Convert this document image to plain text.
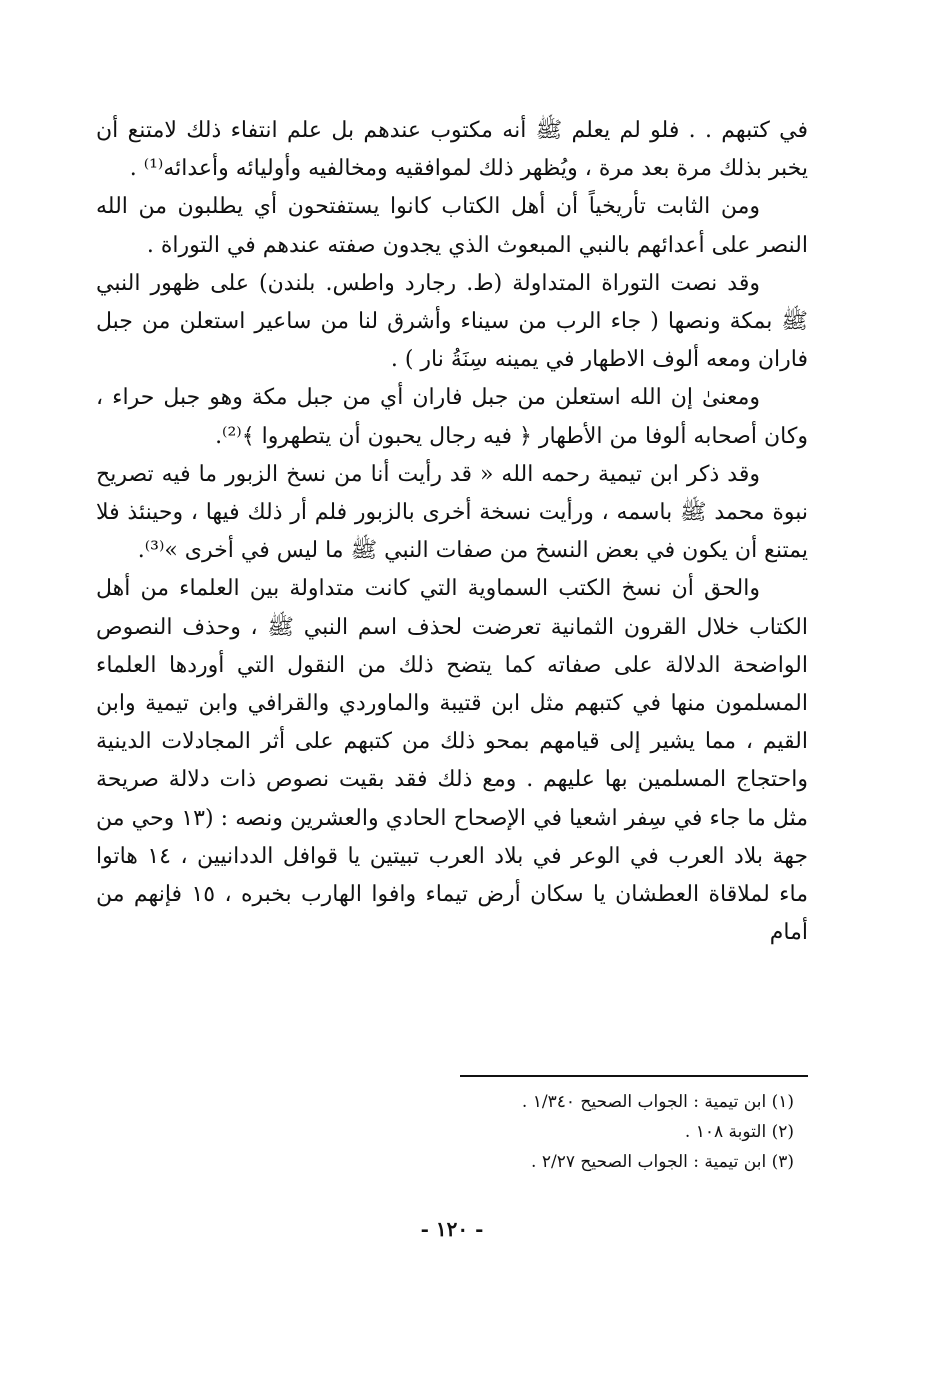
في كتبهم . . فلو لم يعلم ﷺ أنه مكتوب عندهم بل علم انتفاء ذلك لامتنع أن يخبر بذلك مرة بعد مرة ، ويُظهر ذلك لموافقيه ومخالفيه وأوليائه وأعدائه⁽¹⁾ .

ومن الثابت تأريخياً أن أهل الكتاب كانوا يستفتحون أي يطلبون من الله النصر على أعدائهم بالنبي المبعوث الذي يجدون صفته عندهم في التوراة .

وقد نصت التوراة المتداولة (ط. رجارد واطس. بلندن) على ظهور النبي ﷺ بمكة ونصها ( جاء الرب من سيناء وأشرق لنا من ساعير استعلن من جبل فاران ومعه ألوف الاطهار في يمينه سِنَةُ نار ) .

ومعنىٰ إن الله استعلن من جبل فاران أي من جبل مكة وهو جبل حراء ، وكان أصحابه ألوفا من الأطهار ﴿ فيه رجال يحبون أن يتطهروا ﴾⁽²⁾.

وقد ذكر ابن تيمية رحمه الله « قد رأيت أنا من نسخ الزبور ما فيه تصريح نبوة محمد ﷺ باسمه ، ورأيت نسخة أخرى بالزبور فلم أر ذلك فيها ، وحينئذ فلا يمتنع أن يكون في بعض النسخ من صفات النبي ﷺ ما ليس في أخرى »⁽³⁾.

والحق أن نسخ الكتب السماوية التي كانت متداولة بين العلماء من أهل الكتاب خلال القرون الثمانية تعرضت لحذف اسم النبي ﷺ ، وحذف النصوص الواضحة الدلالة على صفاته كما يتضح ذلك من النقول التي أوردها العلماء المسلمون منها في كتبهم مثل ابن قتيبة والماوردي والقرافي وابن تيمية وابن القيم ، مما يشير إلى قيامهم بمحو ذلك من كتبهم على أثر المجادلات الدينية واحتجاج المسلمين بها عليهم . ومع ذلك فقد بقيت نصوص ذات دلالة صريحة مثل ما جاء في سِفر اشعيا في الإصحاح الحادي والعشرين ونصه : (١٣ وحي من جهة بلاد العرب في الوعر في بلاد العرب تبيتين يا قوافل الددانيين ، ١٤ هاتوا ماء لملاقاة العطشان يا سكان أرض تيماء وافوا الهارب بخبره ، ١٥ فإنهم من أمام

(١) ابن تيمية : الجواب الصحيح ١/٣٤٠ .

(٢) التوبة ١٠٨ .

(٣) ابن تيمية : الجواب الصحيح ٢/٢٧ .

- ١٢٠ -
